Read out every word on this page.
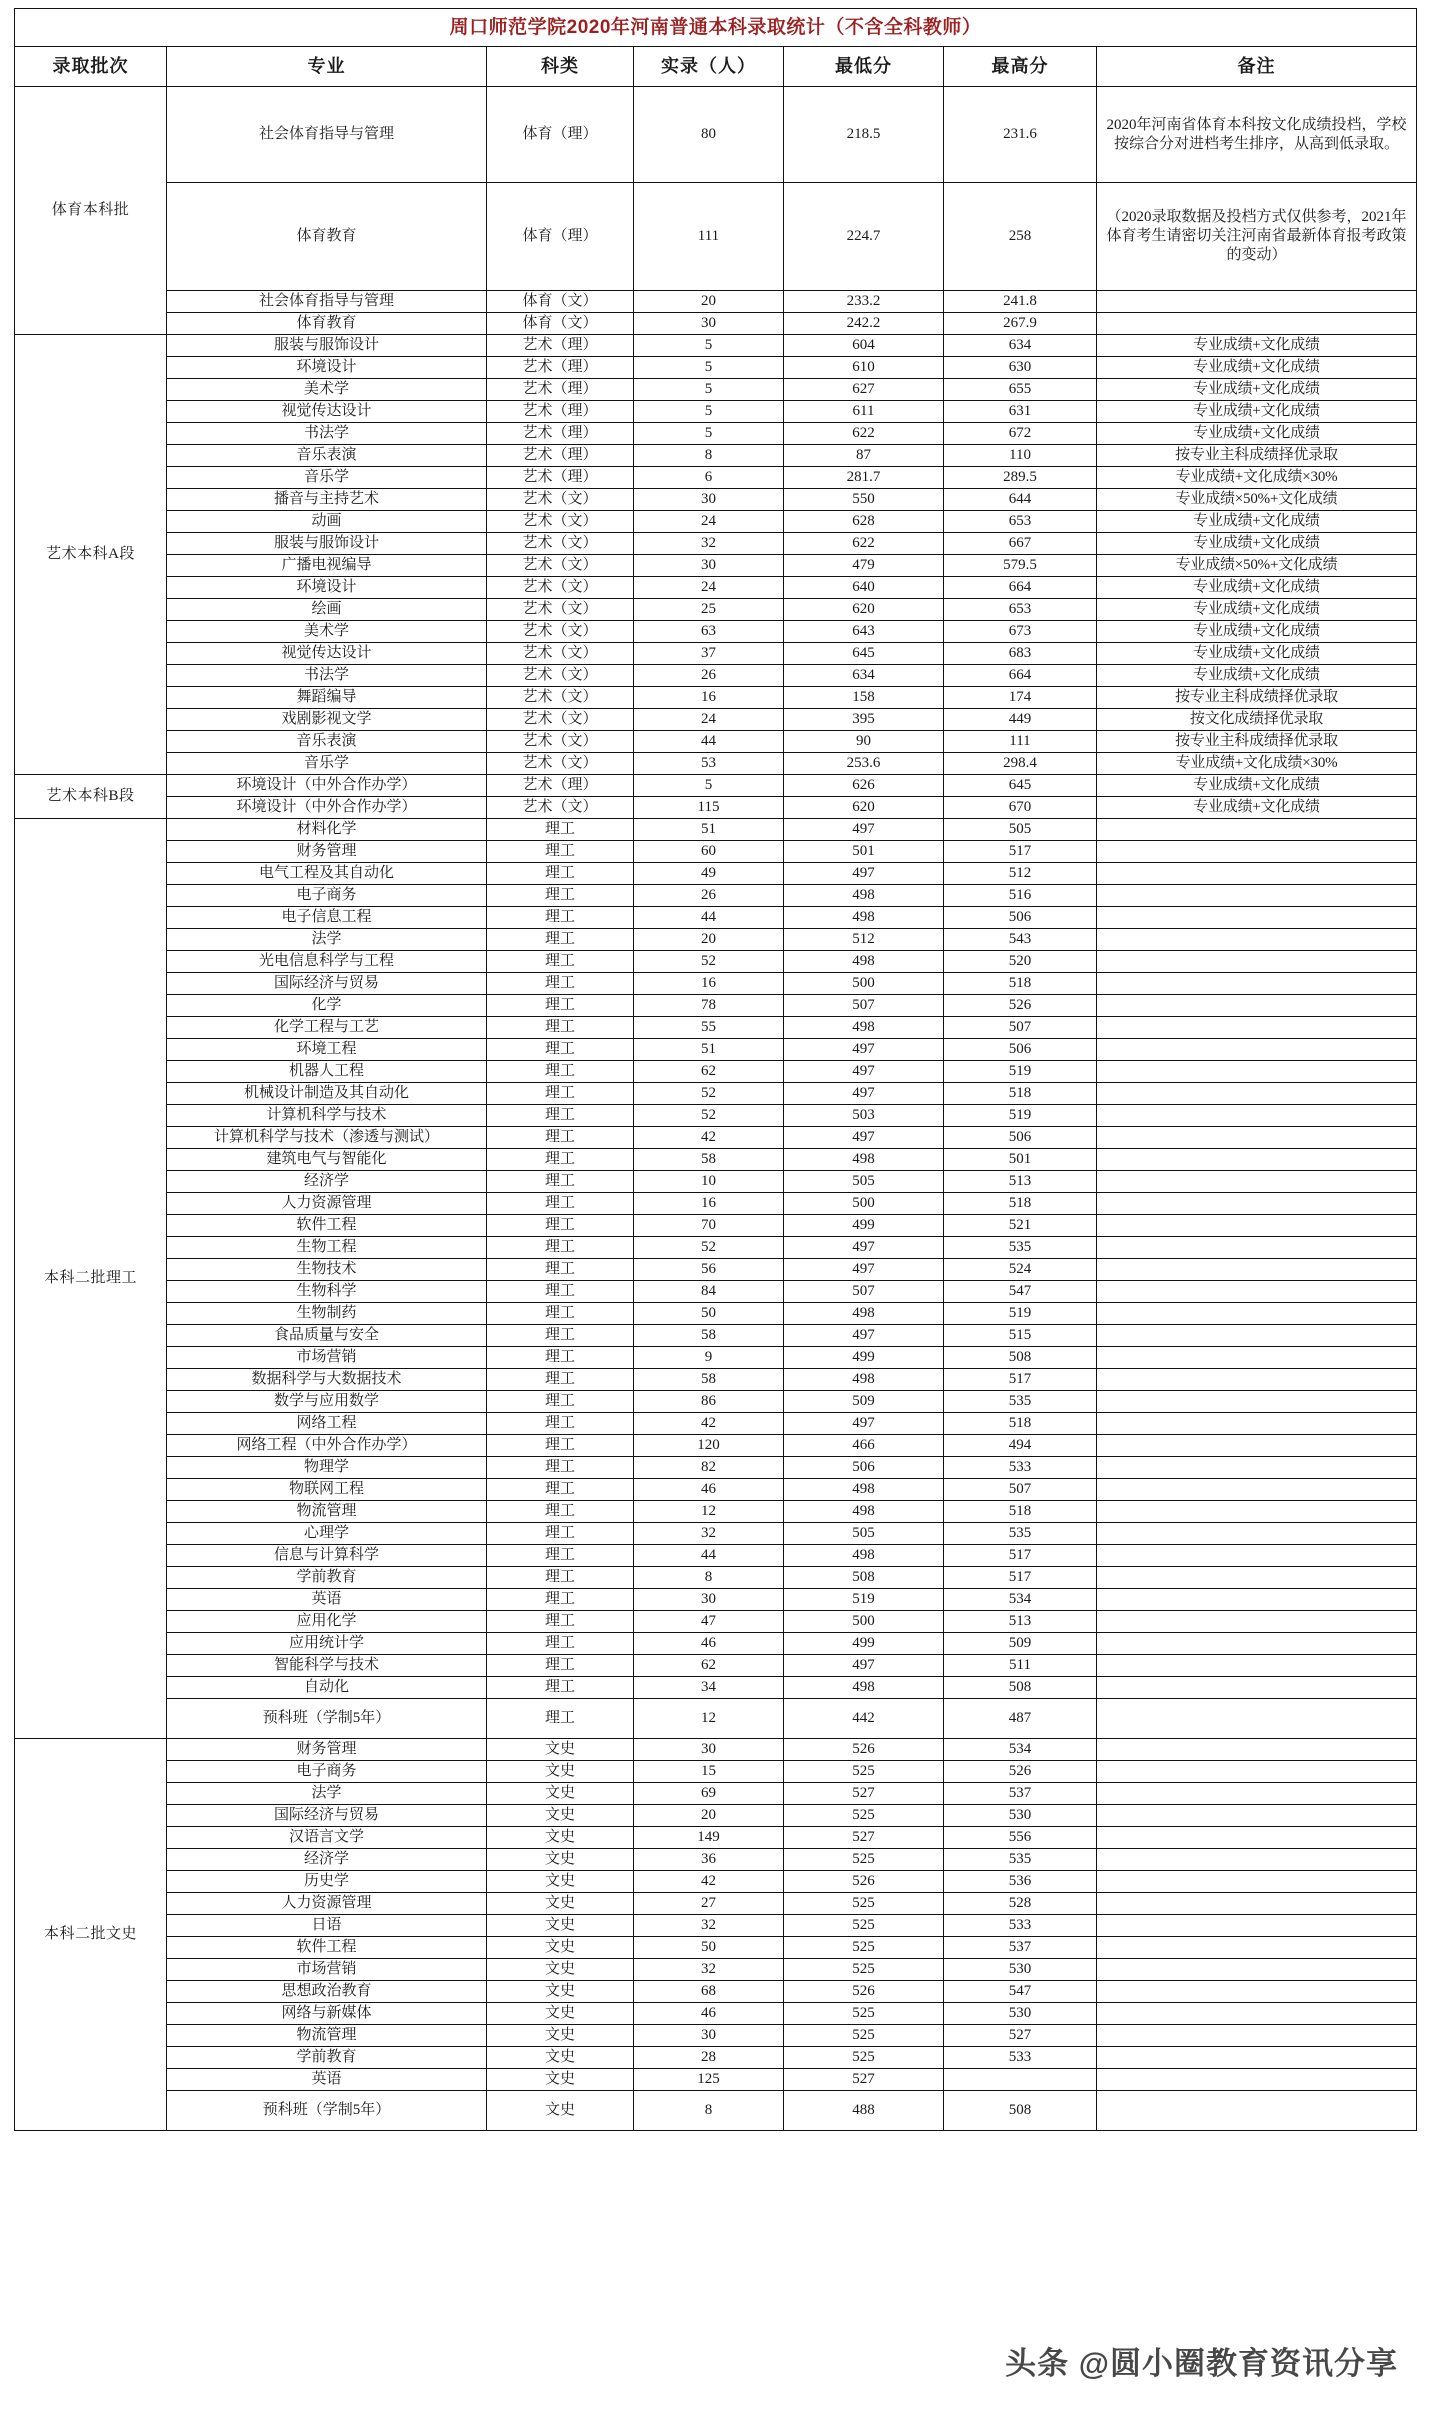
周口师范学院2020年河南普通本科录取统计（不含全科教师）						
录取批次	专业	科类	实录（人）	最低分	最高分	备注
体育本科批	社会体育指导与管理	体育（理）	80	218.5	231.6	2020年河南省体育本科按文化成绩投档，学校按综合分对进档考生排序，从高到低录取。
	体育教育	体育（理）	111	224.7	258	（2020录取数据及投档方式仅供参考，2021年体育考生请密切关注河南省最新体育报考政策的变动）
	社会体育指导与管理	体育（文）	20	233.2	241.8	
	体育教育	体育（文）	30	242.2	267.9	
艺术本科A段	服装与服饰设计	艺术（理）	5	604	634	专业成绩+文化成绩
	环境设计	艺术（理）	5	610	630	专业成绩+文化成绩
	美术学	艺术（理）	5	627	655	专业成绩+文化成绩
	视觉传达设计	艺术（理）	5	611	631	专业成绩+文化成绩
	书法学	艺术（理）	5	622	672	专业成绩+文化成绩
	音乐表演	艺术（理）	8	87	110	按专业主科成绩择优录取
	音乐学	艺术（理）	6	281.7	289.5	专业成绩+文化成绩×30%
	播音与主持艺术	艺术（文）	30	550	644	专业成绩×50%+文化成绩
	动画	艺术（文）	24	628	653	专业成绩+文化成绩
	服装与服饰设计	艺术（文）	32	622	667	专业成绩+文化成绩
	广播电视编导	艺术（文）	30	479	579.5	专业成绩×50%+文化成绩
	环境设计	艺术（文）	24	640	664	专业成绩+文化成绩
	绘画	艺术（文）	25	620	653	专业成绩+文化成绩
	美术学	艺术（文）	63	643	673	专业成绩+文化成绩
	视觉传达设计	艺术（文）	37	645	683	专业成绩+文化成绩
	书法学	艺术（文）	26	634	664	专业成绩+文化成绩
	舞蹈编导	艺术（文）	16	158	174	按专业主科成绩择优录取
	戏剧影视文学	艺术（文）	24	395	449	按文化成绩择优录取
	音乐表演	艺术（文）	44	90	111	按专业主科成绩择优录取
	音乐学	艺术（文）	53	253.6	298.4	专业成绩+文化成绩×30%
艺术本科B段	环境设计（中外合作办学）	艺术（理）	5	626	645	专业成绩+文化成绩
	环境设计（中外合作办学）	艺术（文）	115	620	670	专业成绩+文化成绩
本科二批理工	材料化学	理工	51	497	505	
	财务管理	理工	60	501	517	
	电气工程及其自动化	理工	49	497	512	
	电子商务	理工	26	498	516	
	电子信息工程	理工	44	498	506	
	法学	理工	20	512	543	
	光电信息科学与工程	理工	52	498	520	
	国际经济与贸易	理工	16	500	518	
	化学	理工	78	507	526	
	化学工程与工艺	理工	55	498	507	
	环境工程	理工	51	497	506	
	机器人工程	理工	62	497	519	
	机械设计制造及其自动化	理工	52	497	518	
	计算机科学与技术	理工	52	503	519	
	计算机科学与技术（渗透与测试）	理工	42	497	506	
	建筑电气与智能化	理工	58	498	501	
	经济学	理工	10	505	513	
	人力资源管理	理工	16	500	518	
	软件工程	理工	70	499	521	
	生物工程	理工	52	497	535	
	生物技术	理工	56	497	524	
	生物科学	理工	84	507	547	
	生物制药	理工	50	498	519	
	食品质量与安全	理工	58	497	515	
	市场营销	理工	9	499	508	
	数据科学与大数据技术	理工	58	498	517	
	数学与应用数学	理工	86	509	535	
	网络工程	理工	42	497	518	
	网络工程（中外合作办学）	理工	120	466	494	
	物理学	理工	82	506	533	
	物联网工程	理工	46	498	507	
	物流管理	理工	12	498	518	
	心理学	理工	32	505	535	
	信息与计算科学	理工	44	498	517	
	学前教育	理工	8	508	517	
	英语	理工	30	519	534	
	应用化学	理工	47	500	513	
	应用统计学	理工	46	499	509	
	智能科学与技术	理工	62	497	511	
	自动化	理工	34	498	508	
	预科班（学制5年）	理工	12	442	487	
本科二批文史	财务管理	文史	30	526	534	
	电子商务	文史	15	525	526	
	法学	文史	69	527	537	
	国际经济与贸易	文史	20	525	530	
	汉语言文学	文史	149	527	556	
	经济学	文史	36	525	535	
	历史学	文史	42	526	536	
	人力资源管理	文史	27	525	528	
	日语	文史	32	525	533	
	软件工程	文史	50	525	537	
	市场营销	文史	32	525	530	
	思想政治教育	文史	68	526	547	
	网络与新媒体	文史	46	525	530	
	物流管理	文史	30	525	527	
	学前教育	文史	28	525	533	
	英语	文史	125	527		
	预科班（学制5年）	文史	8	488	508	
头条 @圆小圈教育资讯分享
